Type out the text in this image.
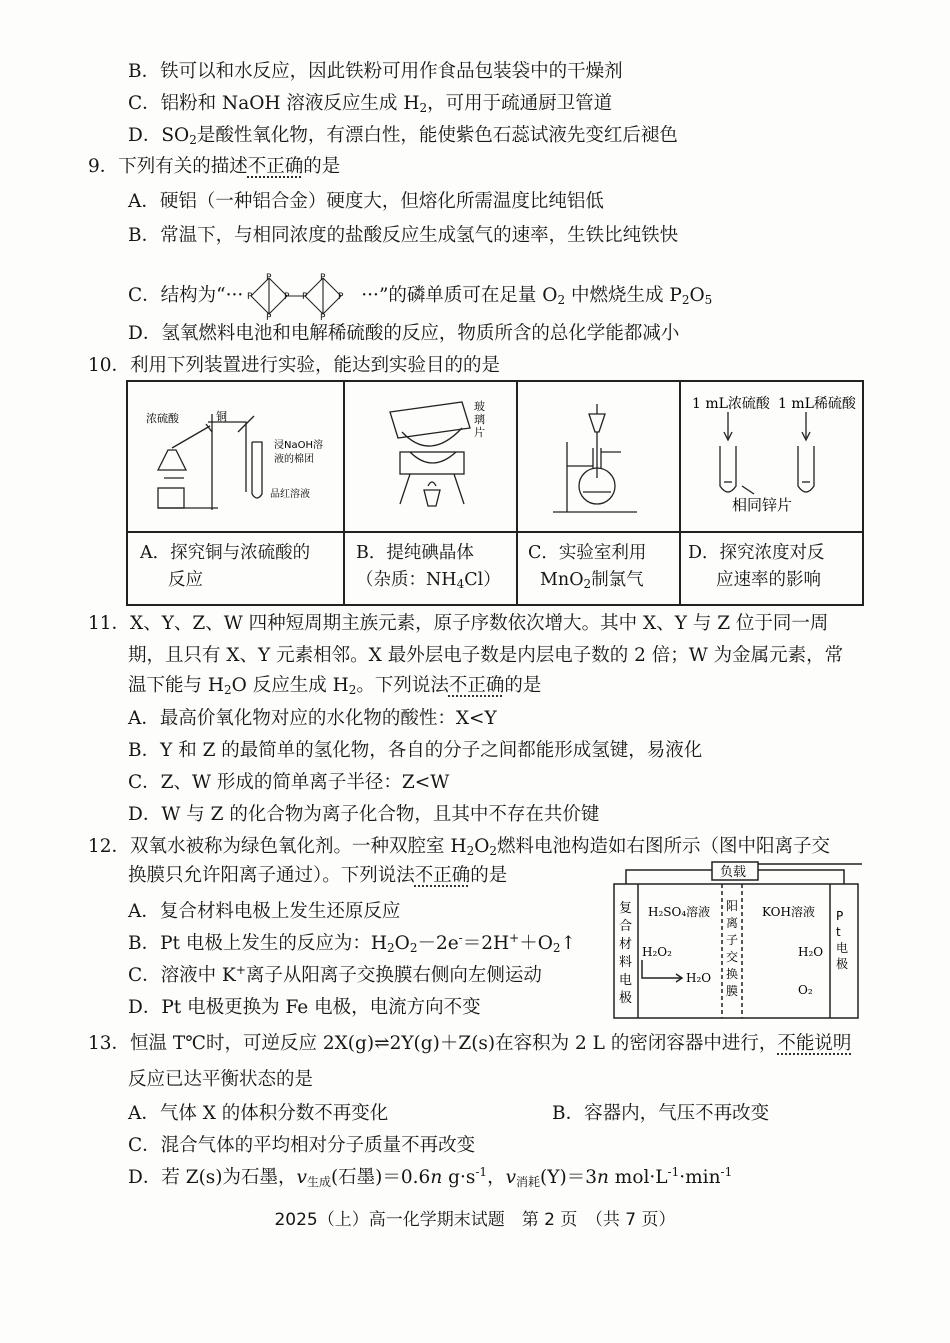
B．铁可以和水反应，因此铁粉可用作食品包装袋中的干燥剂
C．铝粉和 NaOH 溶液反应生成 $H_2$，可用于疏通厨卫管道
D．$SO_2$是酸性氧化物，有漂白性，能使紫色石蕊试液先变红后褪色
9．下列有关的描述不正确的是
A．硬铝（一种铝合金）硬度大，但熔化所需温度比纯铝低
B．常温下，与相同浓度的盐酸反应生成氢气的速率，生铁比纯铁快
C．结构为“··· P
P
P
P P
P
P
P ···”的磷单质可在足量 $O_2$ 中燃烧生成 $P_2O_5$
D．氢氧燃料电池和电解稀硫酸的反应，物质所含的总化学能都减小
10．利用下列装置进行实验，能达到实验目的的是
浓硫酸	铜
浸NaOH溶
液的棉团
品红溶液
玻
璃
片
1 mL浓硫酸 1 mL稀硫酸
相同锌片
A．探究铜与浓硫酸的
反应
B．提纯碘晶体
（杂质：$NH_4Cl$）
C．实验室利用
MnO$_2$制氯气
D．探究浓度对反
应速率的影响
11．X、Y、Z、W 四种短周期主族元素，原子序数依次增大。其中 X、Y 与 Z 位于同一周
期，且只有 X、Y 元素相邻。X 最外层电子数是内层电子数的 2 倍；W 为金属元素，常
温下能与 $H_2O$ 反应生成 $H_2$。下列说法不正确的是
A．最高价氧化物对应的水化物的酸性：X<Y
B．Y 和 Z 的最简单的氢化物，各自的分子之间都能形成氢键，易液化
C．Z、W 形成的简单离子半径：Z<W
D．W 与 Z 的化合物为离子化合物，且其中不存在共价键
12．双氧水被称为绿色氧化剂。一种双腔室 $H_2O_2$燃料电池构造如右图所示（图中阳离子交
换膜只允许阳离子通过）。下列说法不正确的是
A．复合材料电极上发生还原反应
B．Pt 电极上发生的反应为：$H_2O_2-2e^-=2H^++O_2↑$
C．溶液中 K+离子从阳离子交换膜右侧向左侧运动
D．Pt 电极更换为 Fe 电极，电流方向不变
负载
H₂SO₄溶液	KOH溶液
H₂O₂
H₂O
H₂O
O₂
复
合
材
料
电
极
阳
离
子
交
换
膜
P
t
电
极
13．恒温 T℃时，可逆反应 2X(g)⇌2Y(g)＋Z(s)在容积为 2 L 的密闭容器中进行，不能说明
反应已达平衡状态的是
A．气体 X 的体积分数不再变化	B．容器内，气压不再改变
C．混合气体的平均相对分子质量不再改变
D．若 Z(s)为石墨，$v_{生成}$(石墨)＝0.6n $g\cdot s^{-1}$，$v_{消耗}(Y)=3n$ $mol\cdot L^{-1}\cdot\min^{-1}$
2025（上）高一化学期末试题　第 2 页　（共 7 页）
